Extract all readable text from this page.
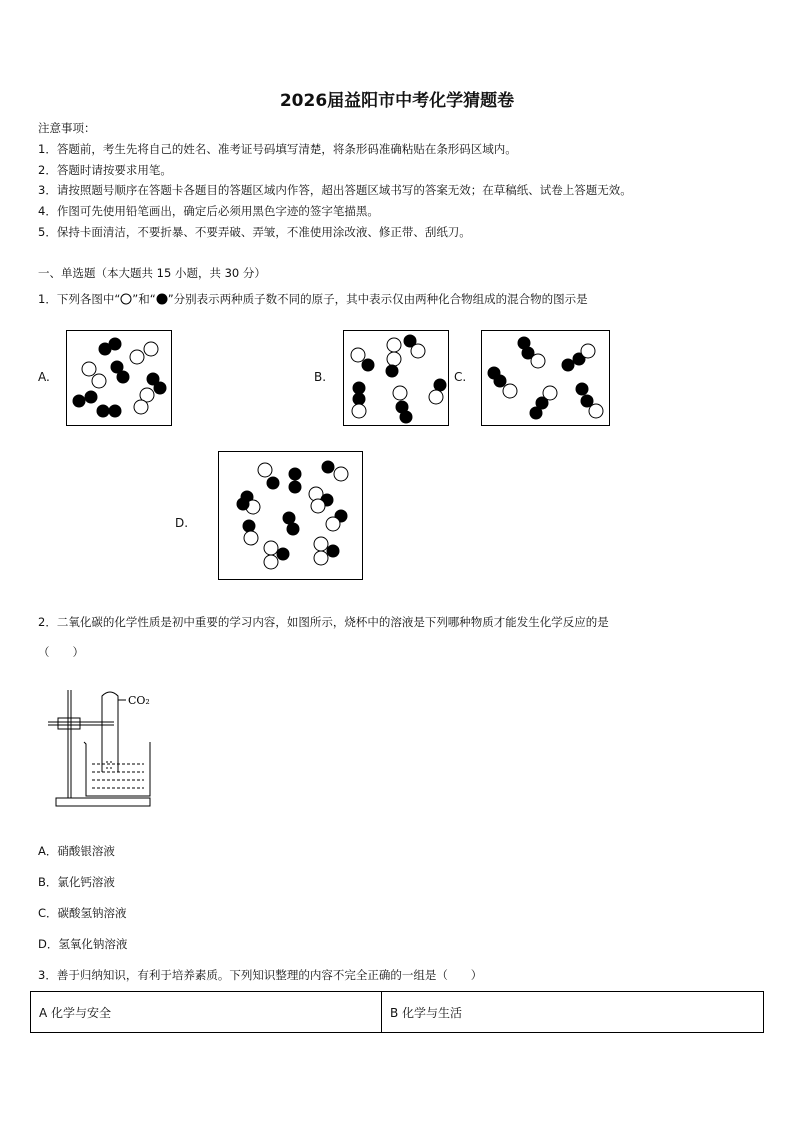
2026届益阳市中考化学猜题卷
注意事项：
1．答题前，考生先将自己的姓名、准考证号码填写清楚，将条形码准确粘贴在条形码区域内。
2．答题时请按要求用笔。
3．请按照题号顺序在答题卡各题目的答题区域内作答，超出答题区域书写的答案无效；在草稿纸、试卷上答题无效。
4．作图可先使用铅笔画出，确定后必须用黑色字迹的签字笔描黑。
5．保持卡面清洁，不要折暴、不要弄破、弄皱，不准使用涂改液、修正带、刮纸刀。
一、单选题（本大题共 15 小题，共 30 分）
1．下列各图中“ ”和“ ”分别表示两种质子数不同的原子，其中表示仅由两种化合物组成的混合物的图示是
A.	B.	C.
D.
2．二氧化碳的化学性质是初中重要的学习内容，如图所示，烧杯中的溶液是下列哪种物质才能发生化学反应的是
（　　）
CO₂
A．硝酸银溶液
B．氯化钙溶液
C．碳酸氢钠溶液
D．氢氧化钠溶液
3．善于归纳知识，有利于培养素质。下列知识整理的内容不完全正确的一组是（　　）
A 化学与安全	B 化学与生活
